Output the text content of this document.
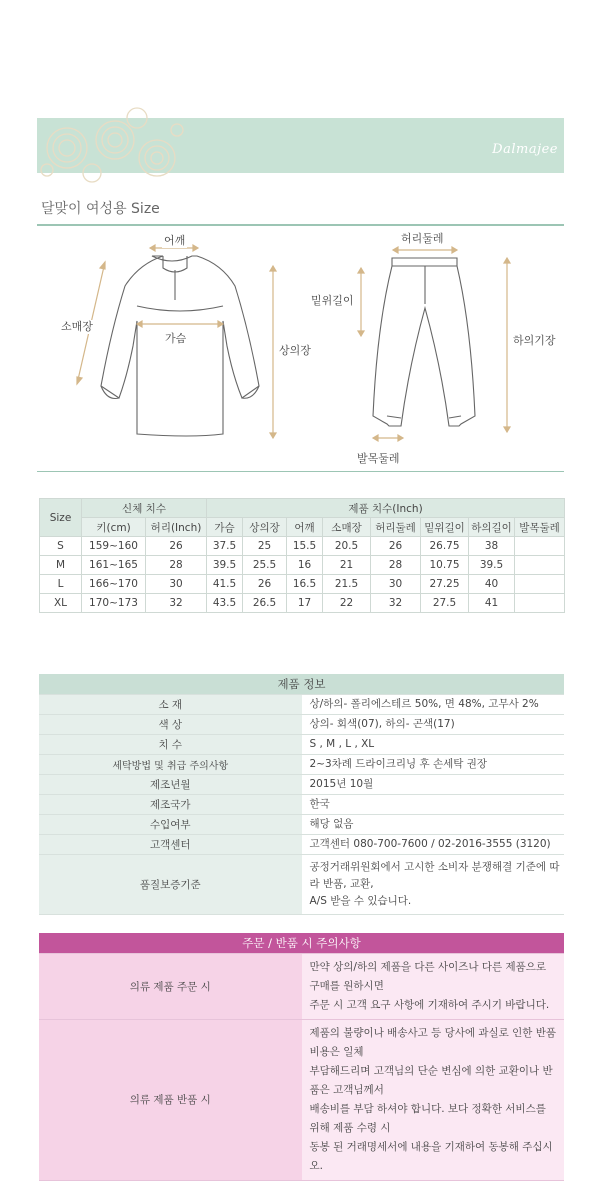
Dalmajee
달맞이 여성용 Size
어깨
소매장
가슴
상의장
허리둘레
밑위길이
하의기장
발목둘레
Size	신체 치수		제품 치수(Inch)							
	키(cm)	허리(Inch)	가슴	상의장	어깨	소매장	허리둘레	밑위길이	하의길이	발목둘레
S	159~160	26	37.5	25	15.5	20.5	26	26.75	38	
M	161~165	28	39.5	25.5	16	21	28	10.75	39.5	
L	166~170	30	41.5	26	16.5	21.5	30	27.25	40	
XL	170~173	32	43.5	26.5	17	22	32	27.5	41	
제품 정보	
소 재	상/하의- 폴리에스테르 50%, 면 48%, 고무사 2%
색 상	상의- 회색(07), 하의- 곤색(17)
치 수	S , M , L , XL
세탁방법 및 취급 주의사항	2~3차례 드라이크리닝 후 손세탁 권장
제조년월	2015년 10월
제조국가	한국
수입여부	해당 없음
고객센터	고객센터 080-700-7600 / 02-2016-3555 (3120)
품질보증기준	공정거래위원회에서 고시한 소비자 분쟁해결 기준에 따라 반품, 교환,
A/S 받을 수 있습니다.
주문 / 반품 시 주의사항	
의류 제품 주문 시	만약 상의/하의 제품을 다른 사이즈나 다른 제품으로 구매를 원하시면
주문 시 고객 요구 사항에 기재하여 주시기 바랍니다.

의류 제품 반품 시	제품의 불량이나 배송사고 등 당사에 과실로 인한 반품비용은 일체
부담해드리며 고객님의 단순 변심에 의한 교환이나 반품은 고객님께서
배송비를 부담 하셔야 합니다. 보다 정확한 서비스를 위해 제품 수령 시
동봉 된 거래명세서에 내용을 기재하여 동봉해 주십시오.
